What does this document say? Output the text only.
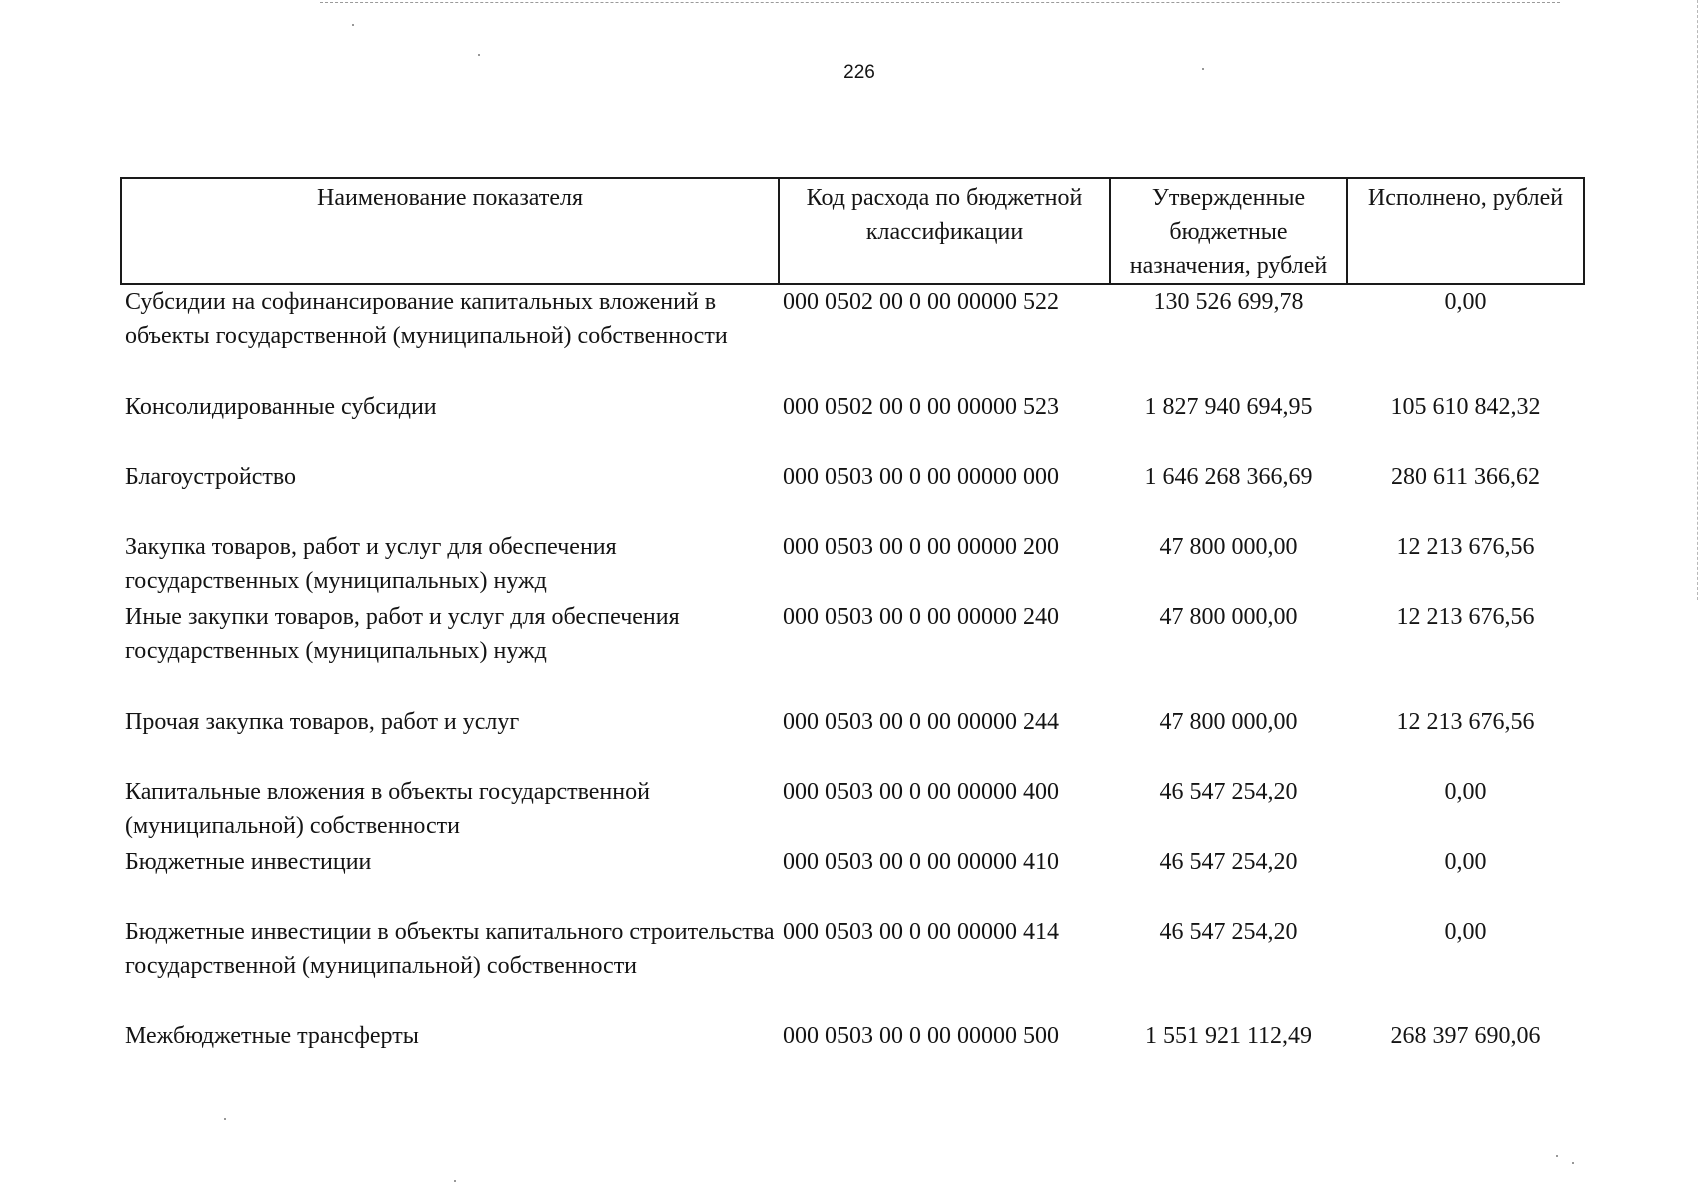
226
Наименование показателя	Код расхода по бюджетной классификации	Утвержденные бюджетные назначения, рублей	Исполнено, рублей
Субсидии на софинансирование капитальных вложений в объекты государственной (муниципальной) собственности	000 0502 00 0 00 00000 522	130 526 699,78	0,00
Консолидированные субсидии	000 0502 00 0 00 00000 523	1 827 940 694,95	105 610 842,32
Благоустройство	000 0503 00 0 00 00000 000	1 646 268 366,69	280 611 366,62
Закупка товаров, работ и услуг для обеспечения государственных (муниципальных) нужд	000 0503 00 0 00 00000 200	47 800 000,00	12 213 676,56
Иные закупки товаров, работ и услуг для обеспечения государственных (муниципальных) нужд	000 0503 00 0 00 00000 240	47 800 000,00	12 213 676,56
Прочая закупка товаров, работ и услуг	000 0503 00 0 00 00000 244	47 800 000,00	12 213 676,56
Капитальные вложения в объекты государственной (муниципальной) собственности	000 0503 00 0 00 00000 400	46 547 254,20	0,00
Бюджетные инвестиции	000 0503 00 0 00 00000 410	46 547 254,20	0,00
Бюджетные инвестиции в объекты капитального строительства государственной (муниципальной) собственности	000 0503 00 0 00 00000 414	46 547 254,20	0,00
Межбюджетные трансферты	000 0503 00 0 00 00000 500	1 551 921 112,49	268 397 690,06
